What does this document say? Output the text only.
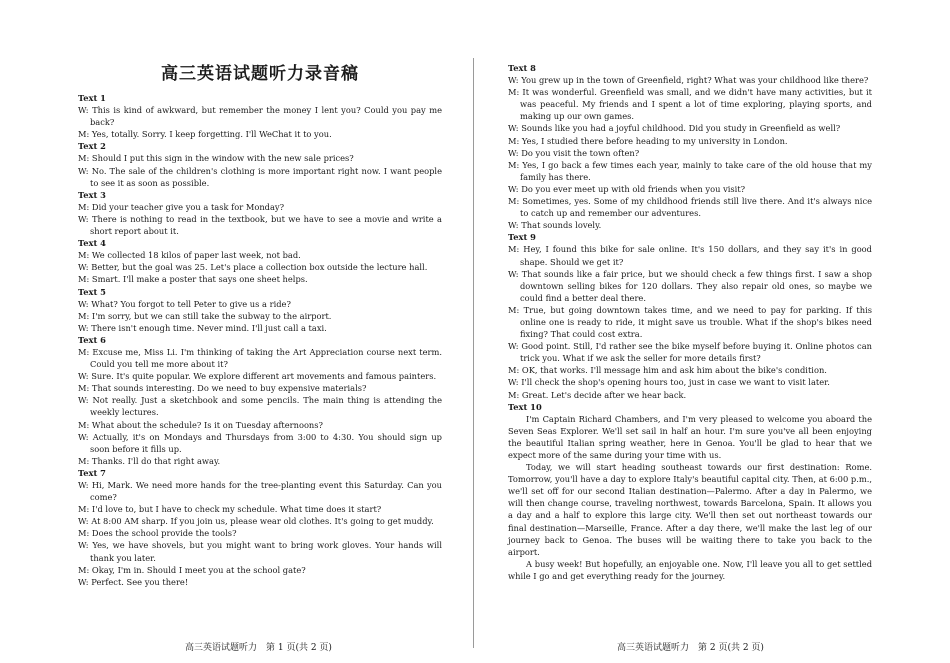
高三英语试题听力录音稿

Text 1

W: This is kind of awkward, but remember the money I lent you? Could you pay me back?

M: Yes, totally. Sorry. I keep forgetting. I'll WeChat it to you.

Text 2

M: Should I put this sign in the window with the new sale prices?

W: No. The sale of the children's clothing is more important right now. I want people to see it as soon as possible.

Text 3

M: Did your teacher give you a task for Monday?

W: There is nothing to read in the textbook, but we have to see a movie and write a short report about it.

Text 4

M: We collected 18 kilos of paper last week, not bad.

W: Better, but the goal was 25. Let's place a collection box outside the lecture hall.

M: Smart. I'll make a poster that says one sheet helps.

Text 5

W: What? You forgot to tell Peter to give us a ride?

M: I'm sorry, but we can still take the subway to the airport.

W: There isn't enough time. Never mind. I'll just call a taxi.

Text 6

M: Excuse me, Miss Li. I'm thinking of taking the Art Appreciation course next term. Could you tell me more about it?

W: Sure. It's quite popular. We explore different art movements and famous painters.

M: That sounds interesting. Do we need to buy expensive materials?

W: Not really. Just a sketchbook and some pencils. The main thing is attending the weekly lectures.

M: What about the schedule? Is it on Tuesday afternoons?

W: Actually, it's on Mondays and Thursdays from 3:00 to 4:30. You should sign up soon before it fills up.

M: Thanks. I'll do that right away.

Text 7

W: Hi, Mark. We need more hands for the tree-planting event this Saturday. Can you come?

M: I'd love to, but I have to check my schedule. What time does it start?

W: At 8:00 AM sharp. If you join us, please wear old clothes. It's going to get muddy.

M: Does the school provide the tools?

W: Yes, we have shovels, but you might want to bring work gloves. Your hands will thank you later.

M: Okay, I'm in. Should I meet you at the school gate?

W: Perfect. See you there!

Text 8

W: You grew up in the town of Greenfield, right? What was your childhood like there?

M: It was wonderful. Greenfield was small, and we didn't have many activities, but it was peaceful. My friends and I spent a lot of time exploring, playing sports, and making up our own games.

W: Sounds like you had a joyful childhood. Did you study in Greenfield as well?

M: Yes, I studied there before heading to my university in London.

W: Do you visit the town often?

M: Yes, I go back a few times each year, mainly to take care of the old house that my family has there.

W: Do you ever meet up with old friends when you visit?

M: Sometimes, yes. Some of my childhood friends still live there. And it's always nice to catch up and remember our adventures.

W: That sounds lovely.

Text 9

M: Hey, I found this bike for sale online. It's 150 dollars, and they say it's in good shape. Should we get it?

W: That sounds like a fair price, but we should check a few things first. I saw a shop downtown selling bikes for 120 dollars. They also repair old ones, so maybe we could find a better deal there.

M: True, but going downtown takes time, and we need to pay for parking. If this online one is ready to ride, it might save us trouble. What if the shop's bikes need fixing? That could cost extra.

W: Good point. Still, I'd rather see the bike myself before buying it. Online photos can trick you. What if we ask the seller for more details first?

M: OK, that works. I'll message him and ask him about the bike's condition.

W: I'll check the shop's opening hours too, just in case we want to visit later.

M: Great. Let's decide after we hear back.

Text 10

I'm Captain Richard Chambers, and I'm very pleased to welcome you aboard the Seven Seas Explorer. We'll set sail in half an hour. I'm sure you've all been enjoying the beautiful Italian spring weather, here in Genoa. You'll be glad to hear that we expect more of the same during your time with us.

Today, we will start heading southeast towards our first destination: Rome. Tomorrow, you'll have a day to explore Italy's beautiful capital city. Then, at 6:00 p.m., we'll set off for our second Italian destination—Palermo. After a day in Palermo, we will then change course, traveling northwest, towards Barcelona, Spain. It allows you a day and a half to explore this large city. We'll then set out northeast towards our final destination—Marseille, France. After a day there, we'll make the last leg of our journey back to Genoa. The buses will be waiting there to take you back to the airport.

A busy week! But hopefully, an enjoyable one. Now, I'll leave you all to get settled while I go and get everything ready for the journey.

高三英语试题听力　第 1 页(共 2 页)	高三英语试题听力　第 2 页(共 2 页)
